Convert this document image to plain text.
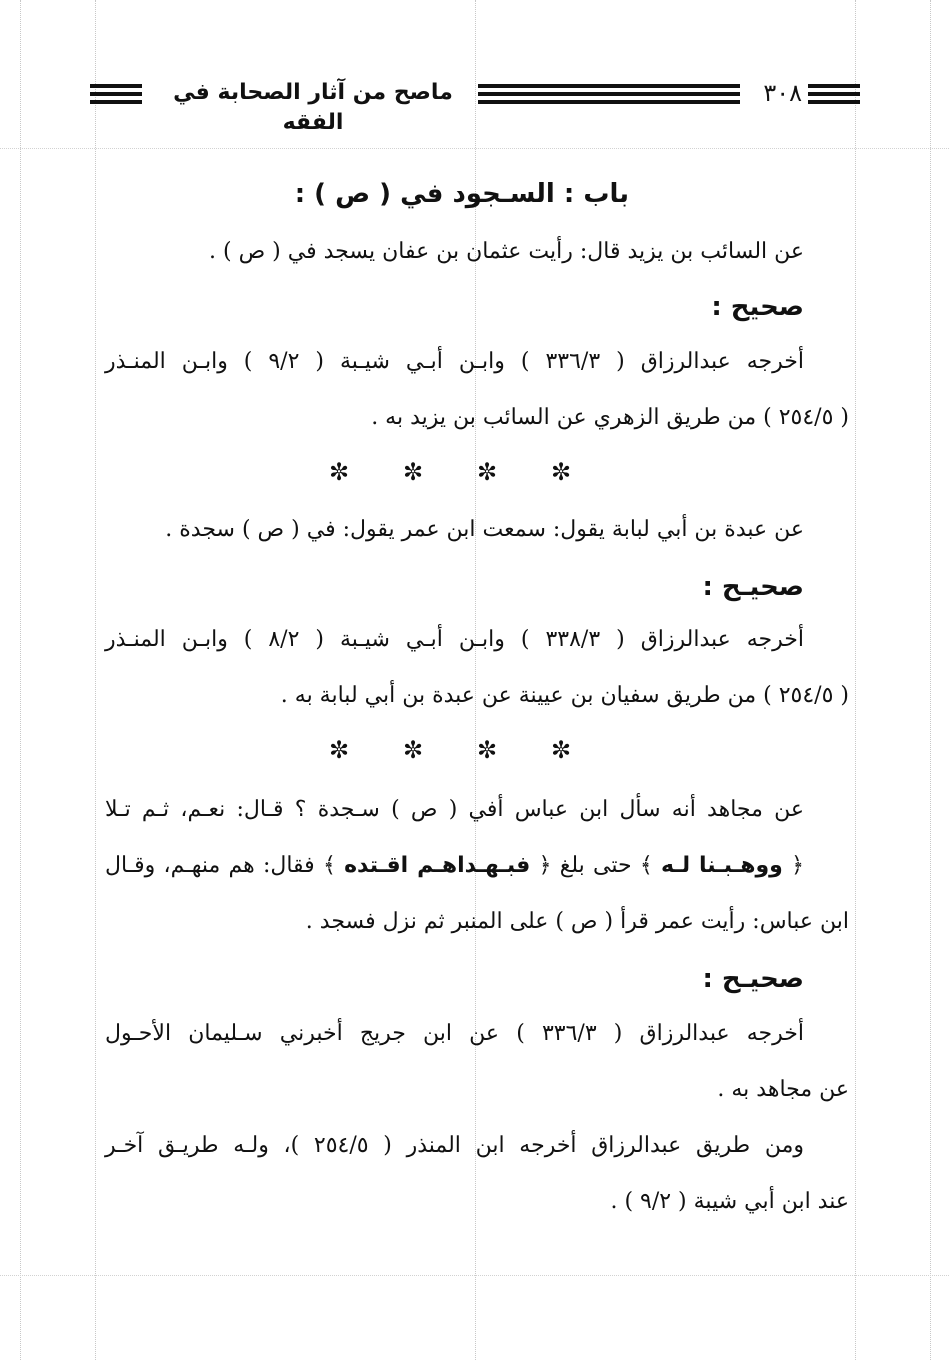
٣٠٨
ماصح من آثار الصحابة في الفقه
باب : السـجود في ( ص ) :
عن السائب بن يزيد قال: رأيت عثمان بن عفان يسجد في ( ص ) .
صحيح :
أخرجه عبدالرزاق ( ٣٣٦/٣ ) وابـن أبـي شيـبة ( ٩/٢ ) وابـن المنـذر
( ٢٥٤/٥ ) من طريق الزهري عن السائب بن يزيد به .
✼	✼	✼	✼
عن عبدة بن أبي لبابة يقول: سمعت ابن عمر يقول: في ( ص ) سجدة .
صحيـح :
أخرجه عبدالرزاق ( ٣٣٨/٣ ) وابـن أبـي شيـبة ( ٨/٢ ) وابـن المنـذر
( ٢٥٤/٥ ) من طريق سفيان بن عيينة عن عبدة بن أبي لبابة به .
✼	✼	✼	✼
عن مجاهد أنه سأل ابن عباس أفي ( ص ) سـجدة ؟ قـال: نعـم، ثـم تـلا
﴿ ووهـبـنا لـه ﴾ حتى بلغ ﴿ فبـهـداهـم اقـتده ﴾ فقال: هم منهـم، وقـال
ابن عباس: رأيت عمر قرأ ( ص ) على المنبر ثم نزل فسجد .
صحيـح :
أخرجه عبدالرزاق ( ٣٣٦/٣ ) عن ابن جريج أخبرني سـليمان الأحـول
عن مجاهد به .
ومن طريق عبدالرزاق أخرجه ابن المنذر ( ٢٥٤/٥ )، ولـه طريـق آخـر
عند ابن أبي شيبة ( ٩/٢ ) .
